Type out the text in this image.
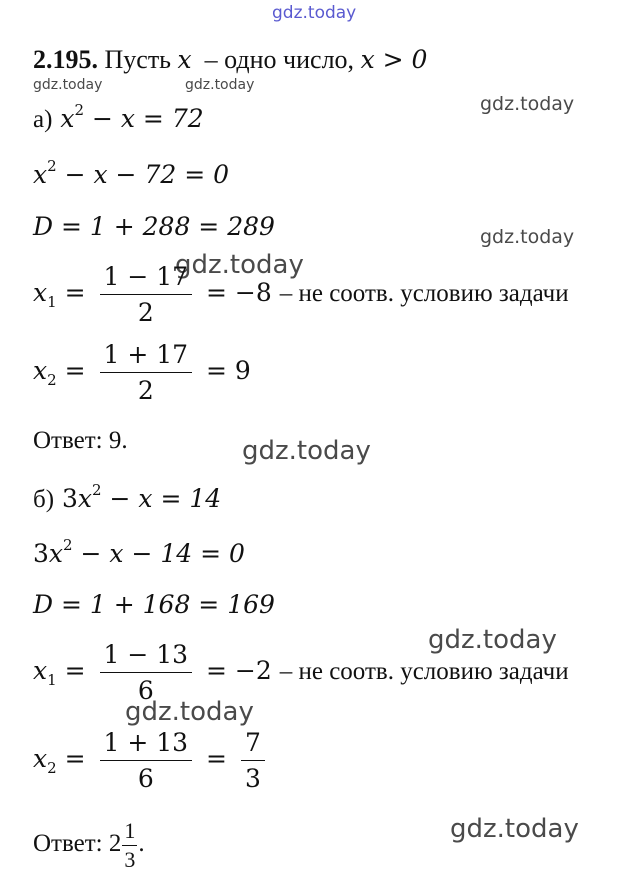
gdz.today
gdz.today	gdz.today
gdz.today
gdz.today
gdz.today
gdz.today
gdz.today
gdz.today
gdz.today
2.195. Пусть x – одно число, x > 0
а) $x^2 - x = 72$
$x^2 - x - 72 = 0$
D = 1 + 288 = 289
$x_1 = \frac{1 - 17}{2} = -8$ – не соотв. условию задачи
$x_2 = \frac{1 + 17}{2} = 9$
Ответ: 9.
б) $3x^2 - x = 14$
$3x^2 - x - 14 = 0$
D = 1 + 168 = 169
$x_1 = \frac{1 - 13}{6} = -2$ – не соотв. условию задачи
$x_2 = \frac{1 + 13}{6} = \frac{7}{3}$
Ответ: $2 \frac{1}{3}$ .
